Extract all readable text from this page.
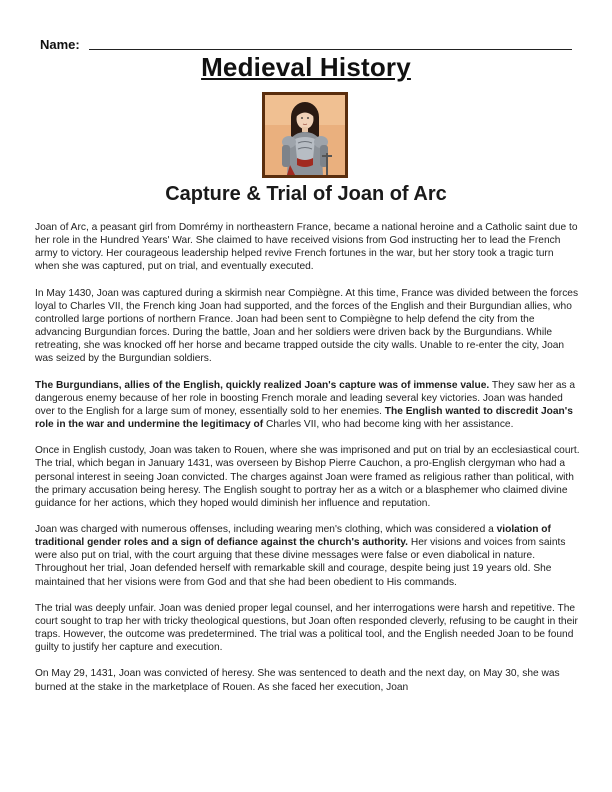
Name:
Medieval History
Capture & Trial of Joan of Arc

Joan of Arc, a peasant girl from Domrémy in northeastern France, became a national heroine and a Catholic saint due to her role in the Hundred Years' War. She claimed to have received visions from God instructing her to lead the French army to victory. Her courageous leadership helped revive French fortunes in the war, but her story took a tragic turn when she was captured, put on trial, and eventually executed.

In May 1430, Joan was captured during a skirmish near Compiègne. At this time, France was divided between the forces loyal to Charles VII, the French king Joan had supported, and the forces of the English and their Burgundian allies, who controlled large portions of northern France. Joan had been sent to Compiègne to help defend the city from the advancing Burgundian forces. During the battle, Joan and her soldiers were driven back by the Burgundians. While retreating, she was knocked off her horse and became trapped outside the city walls. Unable to re-enter the city, Joan was seized by the Burgundian soldiers.

The Burgundians, allies of the English, quickly realized Joan's capture was of immense value. They saw her as a dangerous enemy because of her role in boosting French morale and leading several key victories. Joan was handed over to the English for a large sum of money, essentially sold to her enemies. The English wanted to discredit Joan's role in the war and undermine the legitimacy of Charles VII, who had become king with her assistance.

Once in English custody, Joan was taken to Rouen, where she was imprisoned and put on trial by an ecclesiastical court. The trial, which began in January 1431, was overseen by Bishop Pierre Cauchon, a pro-English clergyman who had a personal interest in seeing Joan convicted. The charges against Joan were framed as religious rather than political, with the primary accusation being heresy. The English sought to portray her as a witch or a blasphemer who claimed divine guidance for her actions, which they hoped would diminish her influence and reputation.

Joan was charged with numerous offenses, including wearing men's clothing, which was considered a violation of traditional gender roles and a sign of defiance against the church's authority. Her visions and voices from saints were also put on trial, with the court arguing that these divine messages were false or even diabolical in nature. Throughout her trial, Joan defended herself with remarkable skill and courage, despite being just 19 years old. She maintained that her visions were from God and that she had been obedient to His commands.

The trial was deeply unfair. Joan was denied proper legal counsel, and her interrogations were harsh and repetitive. The court sought to trap her with tricky theological questions, but Joan often responded cleverly, refusing to be caught in their traps. However, the outcome was predetermined. The trial was a political tool, and the English needed Joan to be found guilty to justify her capture and execution.

On May 29, 1431, Joan was convicted of heresy. She was sentenced to death and the next day, on May 30, she was burned at the stake in the marketplace of Rouen. As she faced her execution, Joan
